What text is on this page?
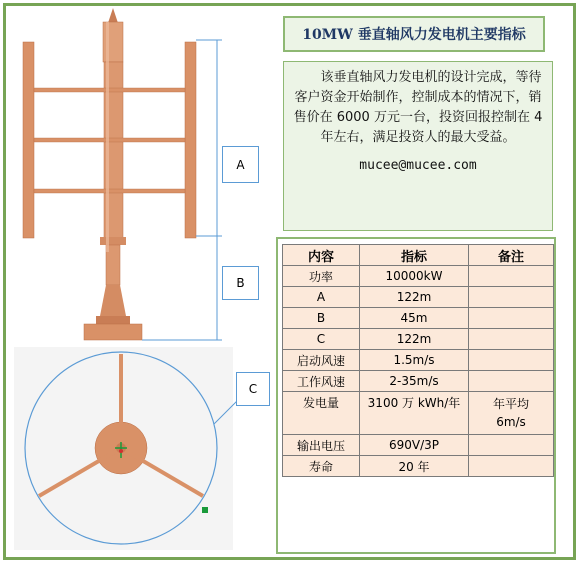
A
B
C
10MW 垂直轴风力发电机主要指标

该垂直轴风力发电机的设计完成，等待客户资金开始制作，控制成本的情况下，销售价在 6000 万元一台，投资回报控制在 4 年左右，满足投资人的最大受益。

mucee@mucee.com
内容	指标	备注
功率	10000kW	
A	122m	
B	45m	
C	122m	
启动风速	1.5m/s	
工作风速	2-35m/s	
发电量	3100 万 kWh/年	年平均
6m/s

输出电压	690V/3P	
寿命	20 年	
